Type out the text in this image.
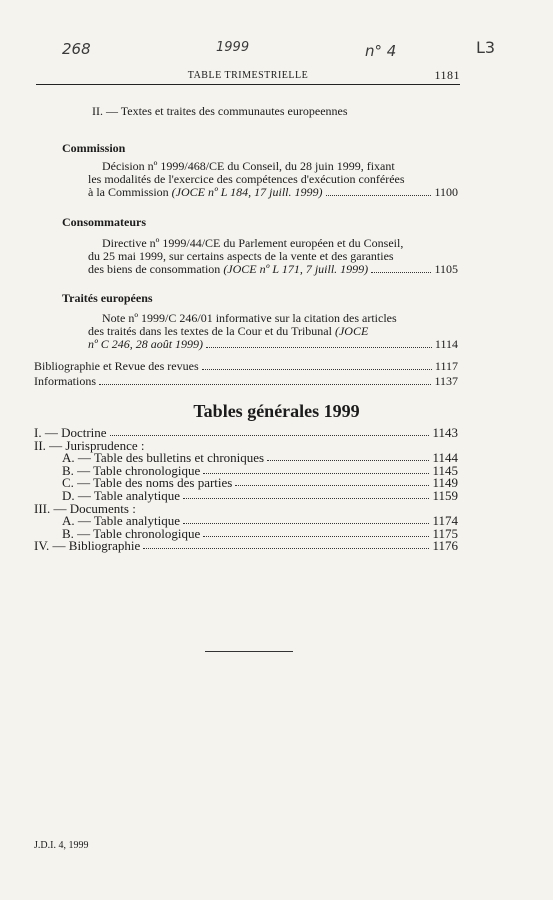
268	1999	n° 4	L3
TABLE TRIMESTRIELLE	1181
II. — Textes et traites des communautes europeennes
Commission
Décision nº 1999/468/CE du Conseil, du 28 juin 1999, fixant
les modalités de l'exercice des compétences d'exécution conférées
à la Commission (JOCE nº L 184, 17 juill. 1999)	1100
Consommateurs
Directive nº 1999/44/CE du Parlement européen et du Conseil,
du 25 mai 1999, sur certains aspects de la vente et des garanties
des biens de consommation (JOCE nº L 171, 7 juill. 1999)	1105
Traités européens
Note nº 1999/C 246/01 informative sur la citation des articles
des traités dans les textes de la Cour et du Tribunal (JOCE
nº C 246, 28 août 1999)	1114
Bibliographie et Revue des revues	1117
Informations	1137
Tables générales 1999
I. — Doctrine	1143
II. — Jurisprudence :
A. — Table des bulletins et chroniques	1144
B. — Table chronologique	1145
C. — Table des noms des parties	1149
D. — Table analytique	1159
III. — Documents :
A. — Table analytique	1174
B. — Table chronologique	1175
IV. — Bibliographie	1176
J.D.I. 4, 1999
